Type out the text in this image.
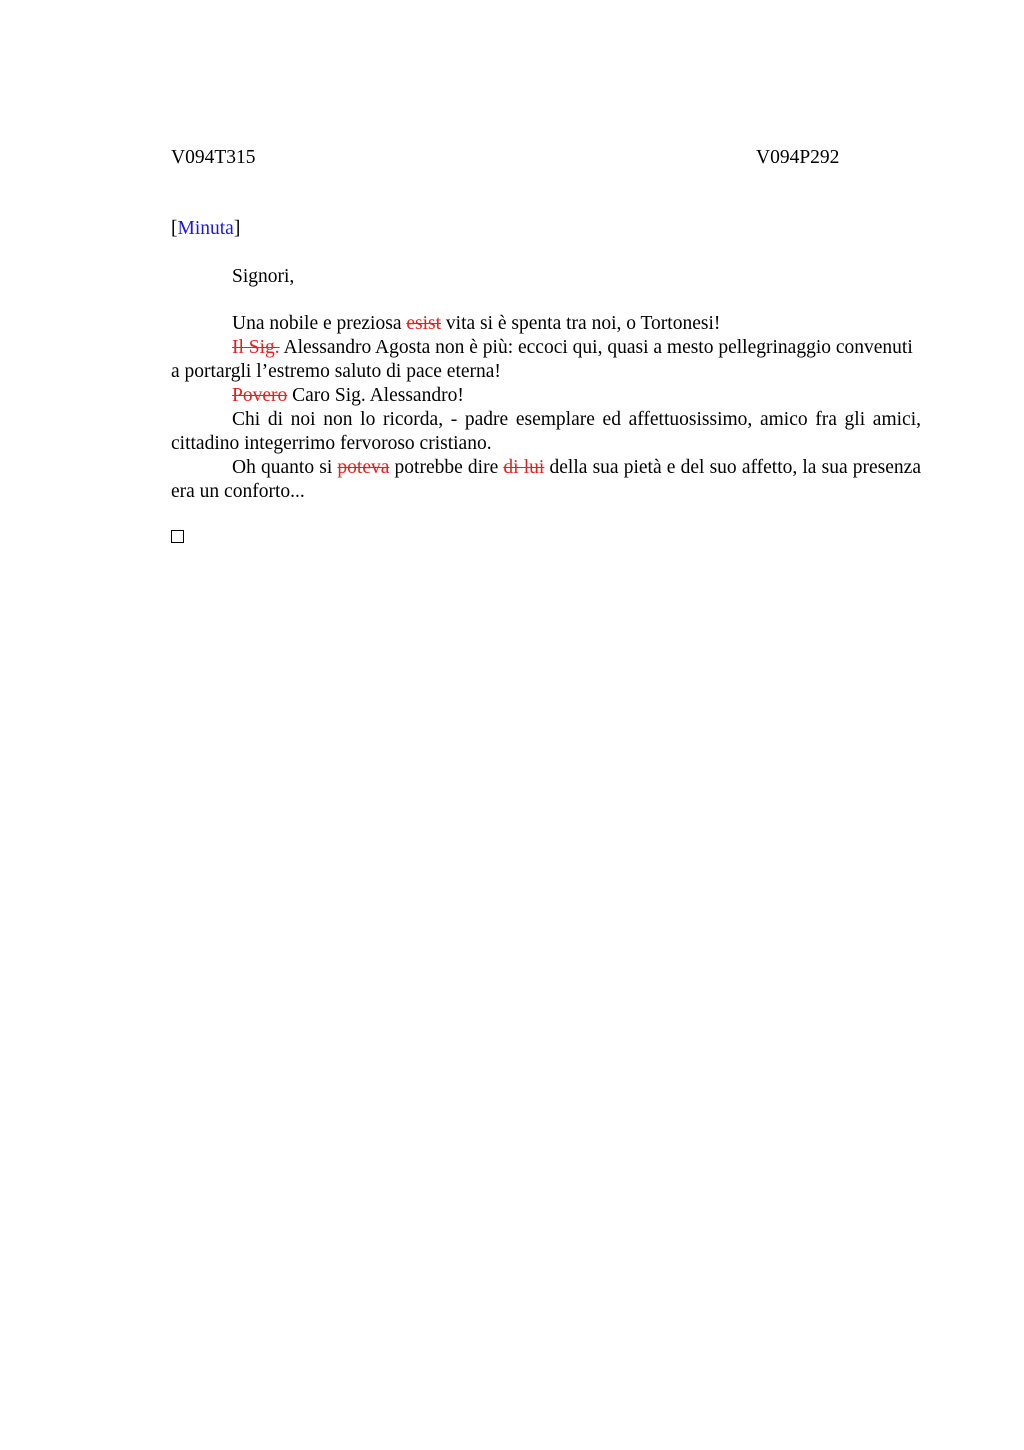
V094T315	V094P292
[Minuta]
Signori,

Una nobile e preziosa esist vita si è spenta tra noi, o Tortonesi!

Il Sig. Alessandro Agosta non è più: eccoci qui, quasi a mesto pellegrinaggio convenuti a portargli l’estremo saluto di pace eterna!

Povero Caro Sig. Alessandro!

Chi di noi non lo ricorda, - padre esemplare ed affettuosissimo, amico fra gli amici, cittadino integerrimo fervoroso cristiano.

Oh quanto si poteva potrebbe dire di lui della sua pietà e del suo affetto, la sua presenza era un conforto...
